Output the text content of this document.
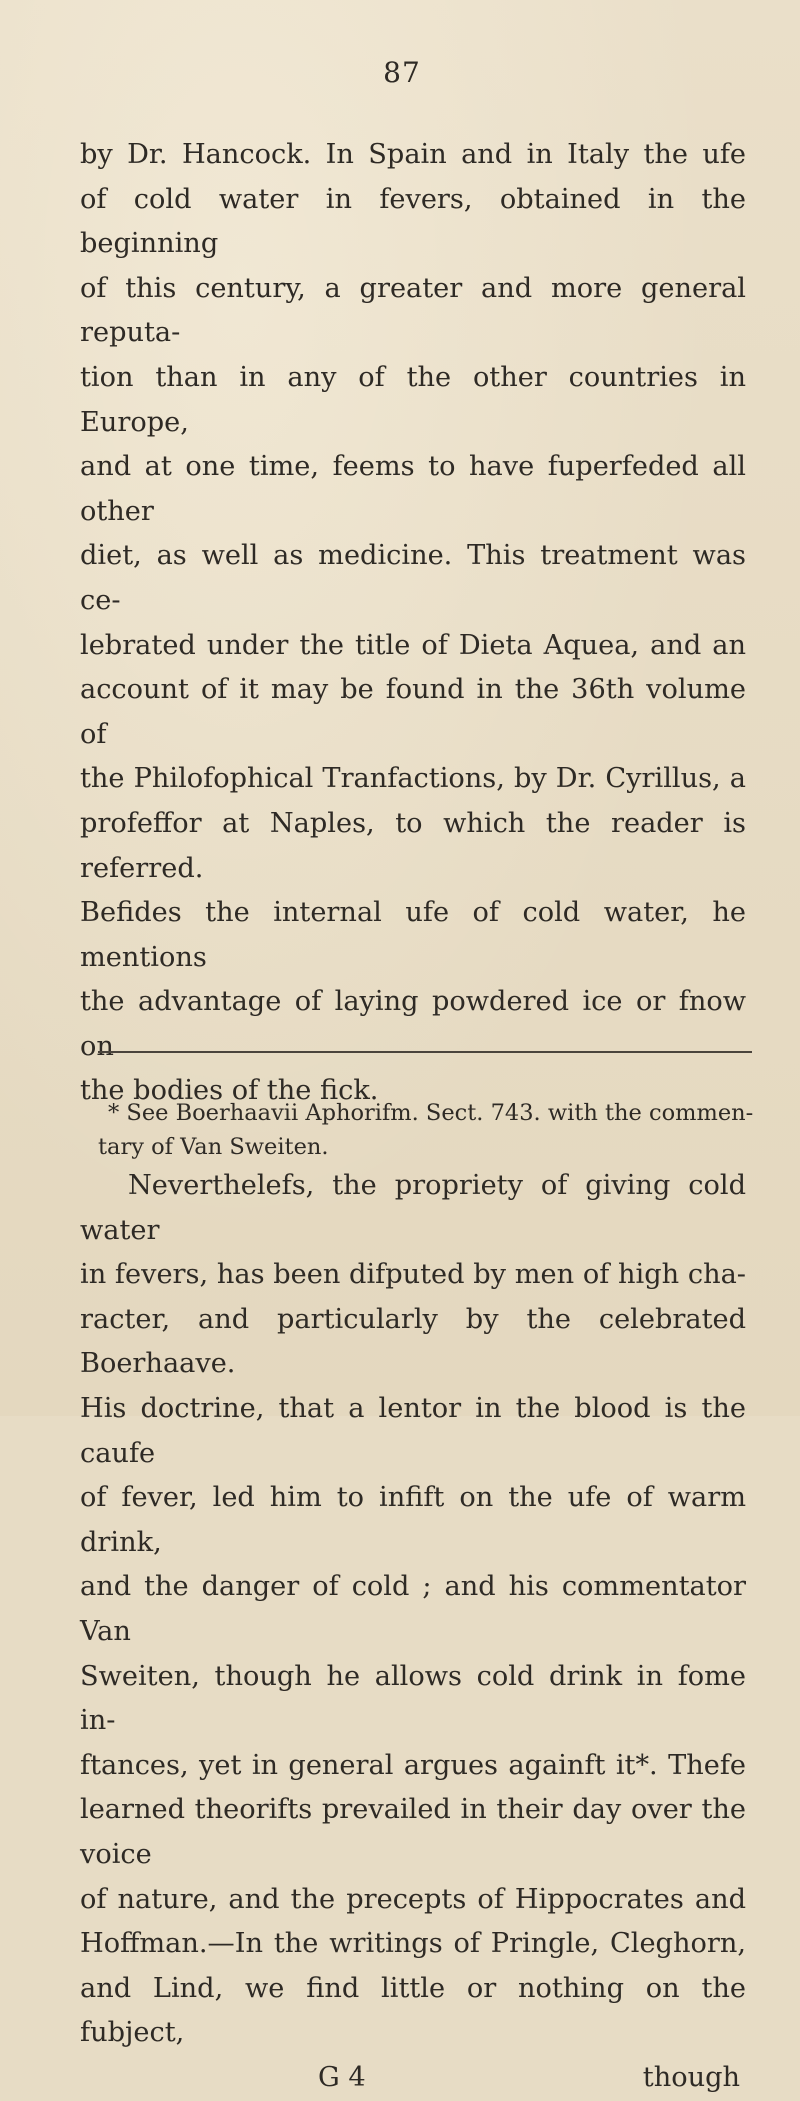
87

by Dr. Hancock. In Spain and in Italy the ufe

of cold water in fevers, obtained in the beginning

of this century, a greater and more general reputa-

tion than in any of the other countries in Europe,

and at one time, feems to have fuperfeded all other

diet, as well as medicine. This treatment was ce-

lebrated under the title of Dieta Aquea, and an

account of it may be found in the 36th volume of

the Philofophical Tranfactions, by Dr. Cyrillus, a

profeffor at Naples, to which the reader is referred.

Befides the internal ufe of cold water, he mentions

the advantage of laying powdered ice or fnow on

the bodies of the fick.

Neverthelefs, the propriety of giving cold water

in fevers, has been difputed by men of high cha-

racter, and particularly by the celebrated Boerhaave.

His doctrine, that a lentor in the blood is the caufe

of fever, led him to infift on the ufe of warm drink,

and the danger of cold ; and his commentator Van

Sweiten, though he allows cold drink in fome in-

ftances, yet in general argues againft it*. Thefe

learned theorifts prevailed in their day over the voice

of nature, and the precepts of Hippocrates and

Hoffman.—In the writings of Pringle, Cleghorn,

and Lind, we find little or nothing on the fubject,

G 4	though

* See Boerhaavii Aphorifm. Sect. 743. with the commen-

tary of Van Sweiten.
